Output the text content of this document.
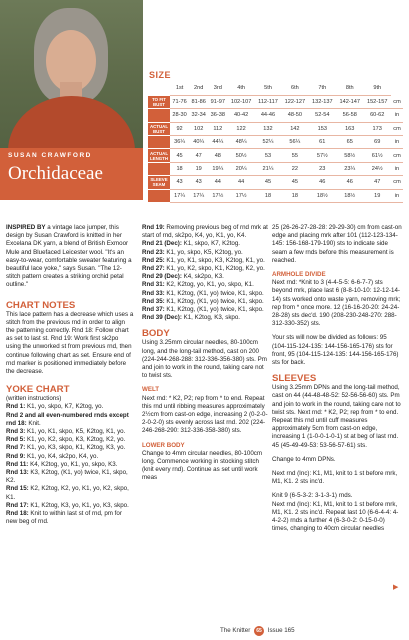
SUSAN CRAWFORD
Orchidaceae
SIZE
	1st	2nd	3rd	4th	5th	6th	7th	8th	9th	
TO FIT BUST	71-76	81-86	91-97	102-107	112-117	122-127	132-137	142-147	152-157	cm
	28-30	32-34	36-38	40-42	44-46	48-50	52-54	56-58	60-62	in
ACTUAL BUST	92	102	112	122	132	142	153	163	173	cm
	36¼	40¼	44¼	48¼	52¼	56¼	61	65	69	in
ACTUAL LENGTH	45	47	48	50½	53	55	57½	58½	61½	cm
	18	19	19¼	20¼	21¼	22	23	23¼	24½	in
SLEEVE SEAM	43	43	44	44	45	45	46	46	47	cm
	17¼	17¼	17½	17½	18	18	18½	18½	19	in

INSPIRED BY a vintage lace jumper, this design by Susan Crawford is knitted in her Excelana DK yarn, a blend of British Exmoor Mule and Bluefaced Leicester wool. "It's an easy-to-wear, comfortable sweater featuring a beautiful lace yoke," says Susan. "The 12-stitch pattern creates a striking orchid petal outline."

CHART NOTES

This lace pattern has a decrease which uses a stitch from the previous rnd in order to align the patterning correctly. Rnd 18: Follow chart as set to last st. Rnd 19: Work first sk2po using the unworked st from previous rnd, then continue following chart as set. Ensure end of rnd marker is positioned immediately before the decrease.

YOKE CHART

(written instructions)

Rnd 1: K1, yo, skpo, K7, K2tog, yo.

Rnd 2 and all even-numbered rnds except rnd 18: Knit.

Rnd 3: K1, yo, K1, skpo, K5, K2tog, K1, yo.

Rnd 5: K1, yo, K2, skpo, K3, K2tog, K2, yo.

Rnd 7: K1, yo, K3, skpo, K1, K2tog, K3, yo.

Rnd 9: K1, yo, K4, sk2po, K4, yo.

Rnd 11: K4, K2tog, yo, K1, yo, skpo, K3.

Rnd 13: K3, K2tog, (K1, yo) twice, K1, skpo, K2.

Rnd 15: K2, K2tog, K2, yo, K1, yo, K2, skpo, K1.

Rnd 17: K1, K2tog, K3, yo, K1, yo, K3, skpo.

Rnd 18: Knit to within last st of rnd, pm for new beg of rnd.

Rnd 19: Removing previous beg of rnd mrk at start of rnd, sk2po, K4, yo, K1, yo, K4.

Rnd 21 (Dec): K1, skpo, K7, K2tog.

Rnd 23: K1, yo, skpo, K5, K2tog, yo.

Rnd 25: K1, yo, K1, skpo, K3, K2tog, K1, yo.

Rnd 27: K1, yo, K2, skpo, K1, K2tog, K2, yo.

Rnd 29 (Dec): K4, sk2po, K3.

Rnd 31: K2, K2tog, yo, K1, yo, skpo, K1.

Rnd 33: K1, K2tog, (K1, yo) twice, K1, skpo.

Rnd 35: K1, K2tog, (K1, yo) twice, K1, skpo.

Rnd 37: K1, K2tog, (K1, yo) twice, K1, skpo.

Rnd 39 (Dec): K1, K2tog, K3, skpo.

BODY

Using 3.25mm circular needles, 80-100cm long, and the long-tail method, cast on 200 (224-244-268-288: 312-336-356-380) sts. Pm and join to work in the round, taking care not to twist sts.

WELT

Next rnd: * K2, P2; rep from * to end. Repeat this rnd until ribbing measures approximately 2½cm from cast-on edge, increasing 2 (0-2-0-2-0-2-0) sts evenly across last rnd. 202 (224-246-268-290: 312-336-358-380) sts.

LOWER BODY

Change to 4mm circular needles, 80-100cm long. Commence working in stocking stitch (knit every rnd). Continue as set until work meas

25 (26-26-27-28-28: 29-29-30) cm from cast-on edge and placing mrk after 101 (112-123-134-145: 156-168-179-190) sts to indicate side seam a few rnds before this measurement is reached.

ARMHOLE DIVIDE

Next rnd: *Knit to 3 (4-4-5-5: 6-6-7-7) sts beyond mrk, place last 6 (8-8-10-10: 12-12-14-14) sts worked onto waste yarn, removing mrk; rep from * once more. 12 (16-16-20-20: 24-24-28-28) sts dec'd. 190 (208-230-248-270: 288-312-330-352) sts.

Your sts will now be divided as follows: 95 (104-115-124-135: 144-156-165-176) sts for front, 95 (104-115-124-135: 144-156-165-176) sts for back.

SLEEVES

Using 3.25mm DPNs and the long-tail method, cast on 44 (44-48-48-52: 52-56-56-60) sts. Pm and join to work in the round, taking care not to twist sts. Next rnd: * K2, P2; rep from * to end. Repeat this rnd until cuff measures approximately 5cm from cast-on edge, increasing 1 (1-0-0-1-0-1) st at beg of last rnd. 45 (45-49-49-53: 53-56-57-61) sts.

Change to 4mm DPNs.

Next rnd (Inc): K1, M1, knit to 1 st before mrk, M1, K1. 2 sts inc'd.

Knit 9 (6-5-3-2: 3-1-3-1) rnds.

Next rnd (Inc): K1, M1, knit to 1 st before mrk, M1, K1. 2 sts inc'd. Repeat last 10 (6-6-4-4: 4-4-2-2) rnds a further 4 (6-3-0-2: 0-15-0-0) times, changing to 40cm circular needles

▶
The Knitter 65 Issue 165
